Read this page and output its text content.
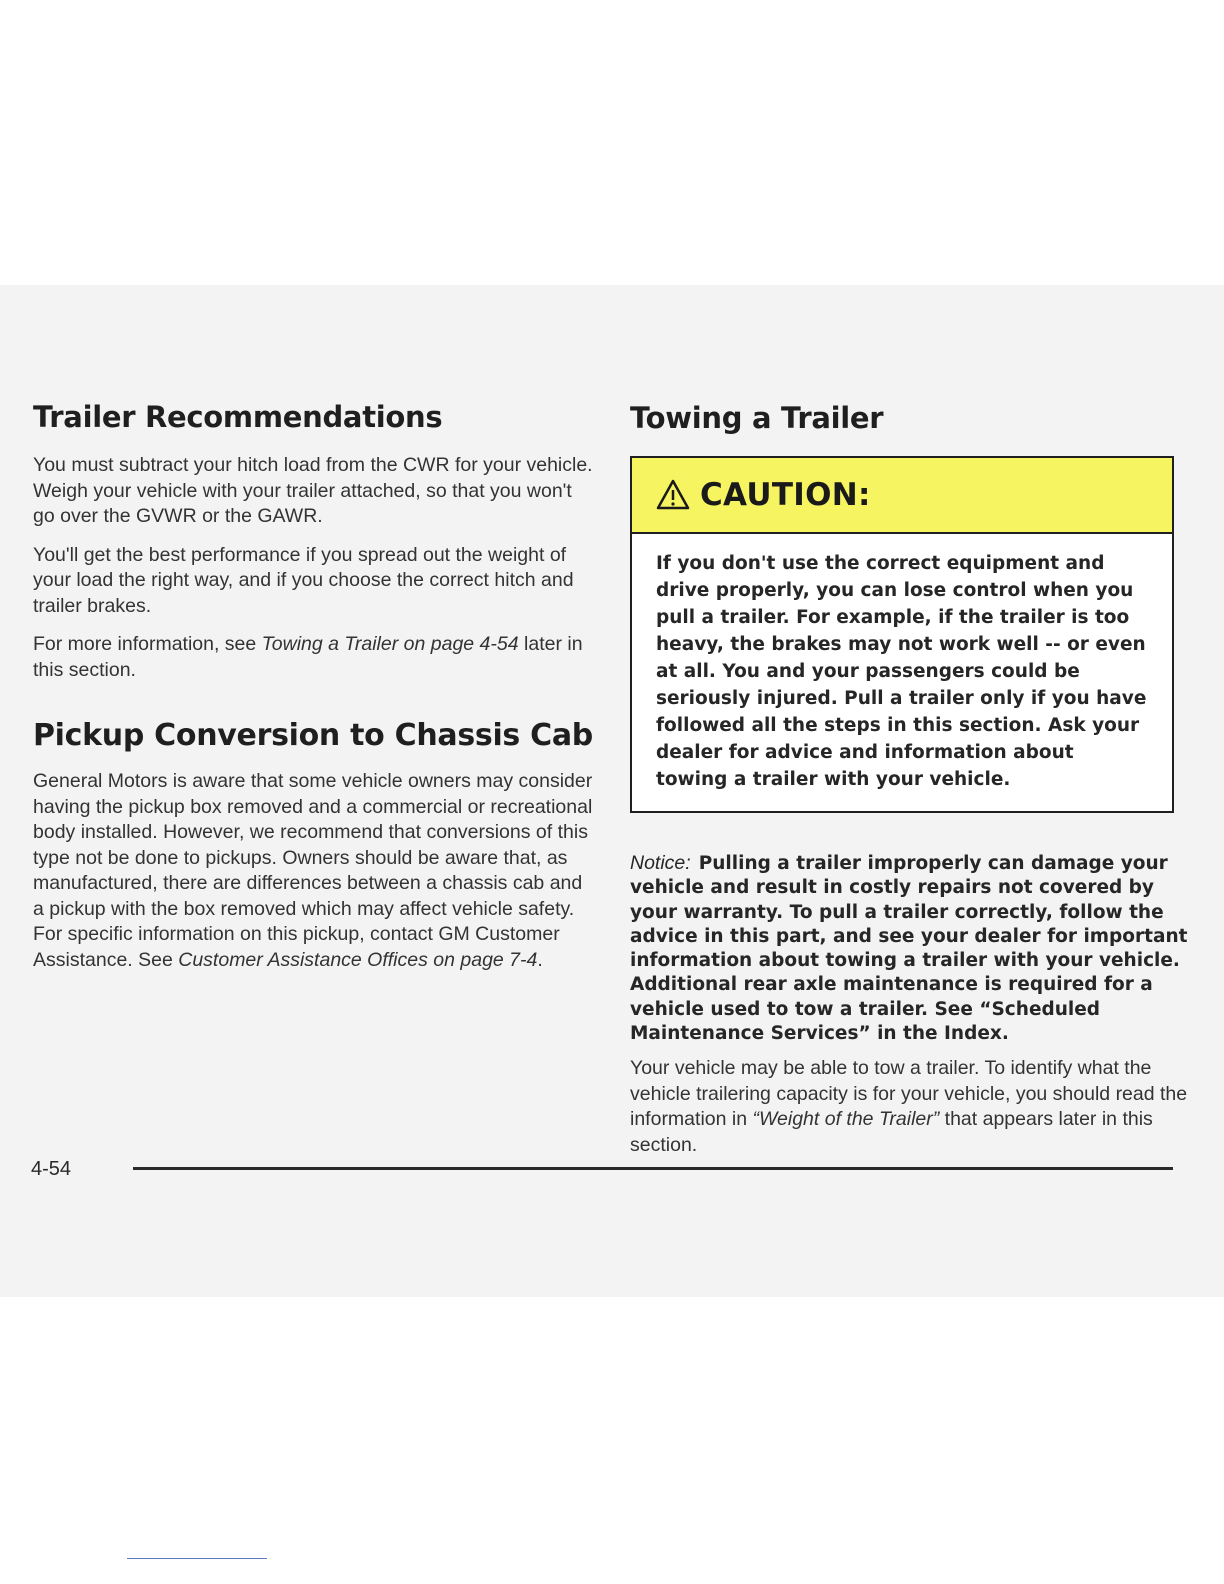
Trailer Recommendations

You must subtract your hitch load from the CWR for your vehicle. Weigh your vehicle with your trailer attached, so that you won't go over the GVWR or the GAWR.

You'll get the best performance if you spread out the weight of your load the right way, and if you choose the correct hitch and trailer brakes.

For more information, see Towing a Trailer on page 4-54 later in this section.

Pickup Conversion to Chassis Cab

General Motors is aware that some vehicle owners may consider having the pickup box removed and a commercial or recreational body installed. However, we recommend that conversions of this type not be done to pickups. Owners should be aware that, as manufactured, there are differences between a chassis cab and a pickup with the box removed which may affect vehicle safety. For specific information on this pickup, contact GM Customer Assistance. See Customer Assistance Offices on page 7-4.

Towing a Trailer
CAUTION:
If you don't use the correct equipment and drive properly, you can lose control when you pull a trailer. For example, if the trailer is too heavy, the brakes may not work well -- or even at all. You and your passengers could be seriously injured. Pull a trailer only if you have followed all the steps in this section. Ask your dealer for advice and information about towing a trailer with your vehicle.
Notice: Pulling a trailer improperly can damage your vehicle and result in costly repairs not covered by your warranty. To pull a trailer correctly, follow the advice in this part, and see your dealer for important information about towing a trailer with your vehicle. Additional rear axle maintenance is required for a vehicle used to tow a trailer. See “Scheduled Maintenance Services” in the Index.

Your vehicle may be able to tow a trailer. To identify what the vehicle trailering capacity is for your vehicle, you should read the information in “Weight of the Trailer” that appears later in this section.

4-54
